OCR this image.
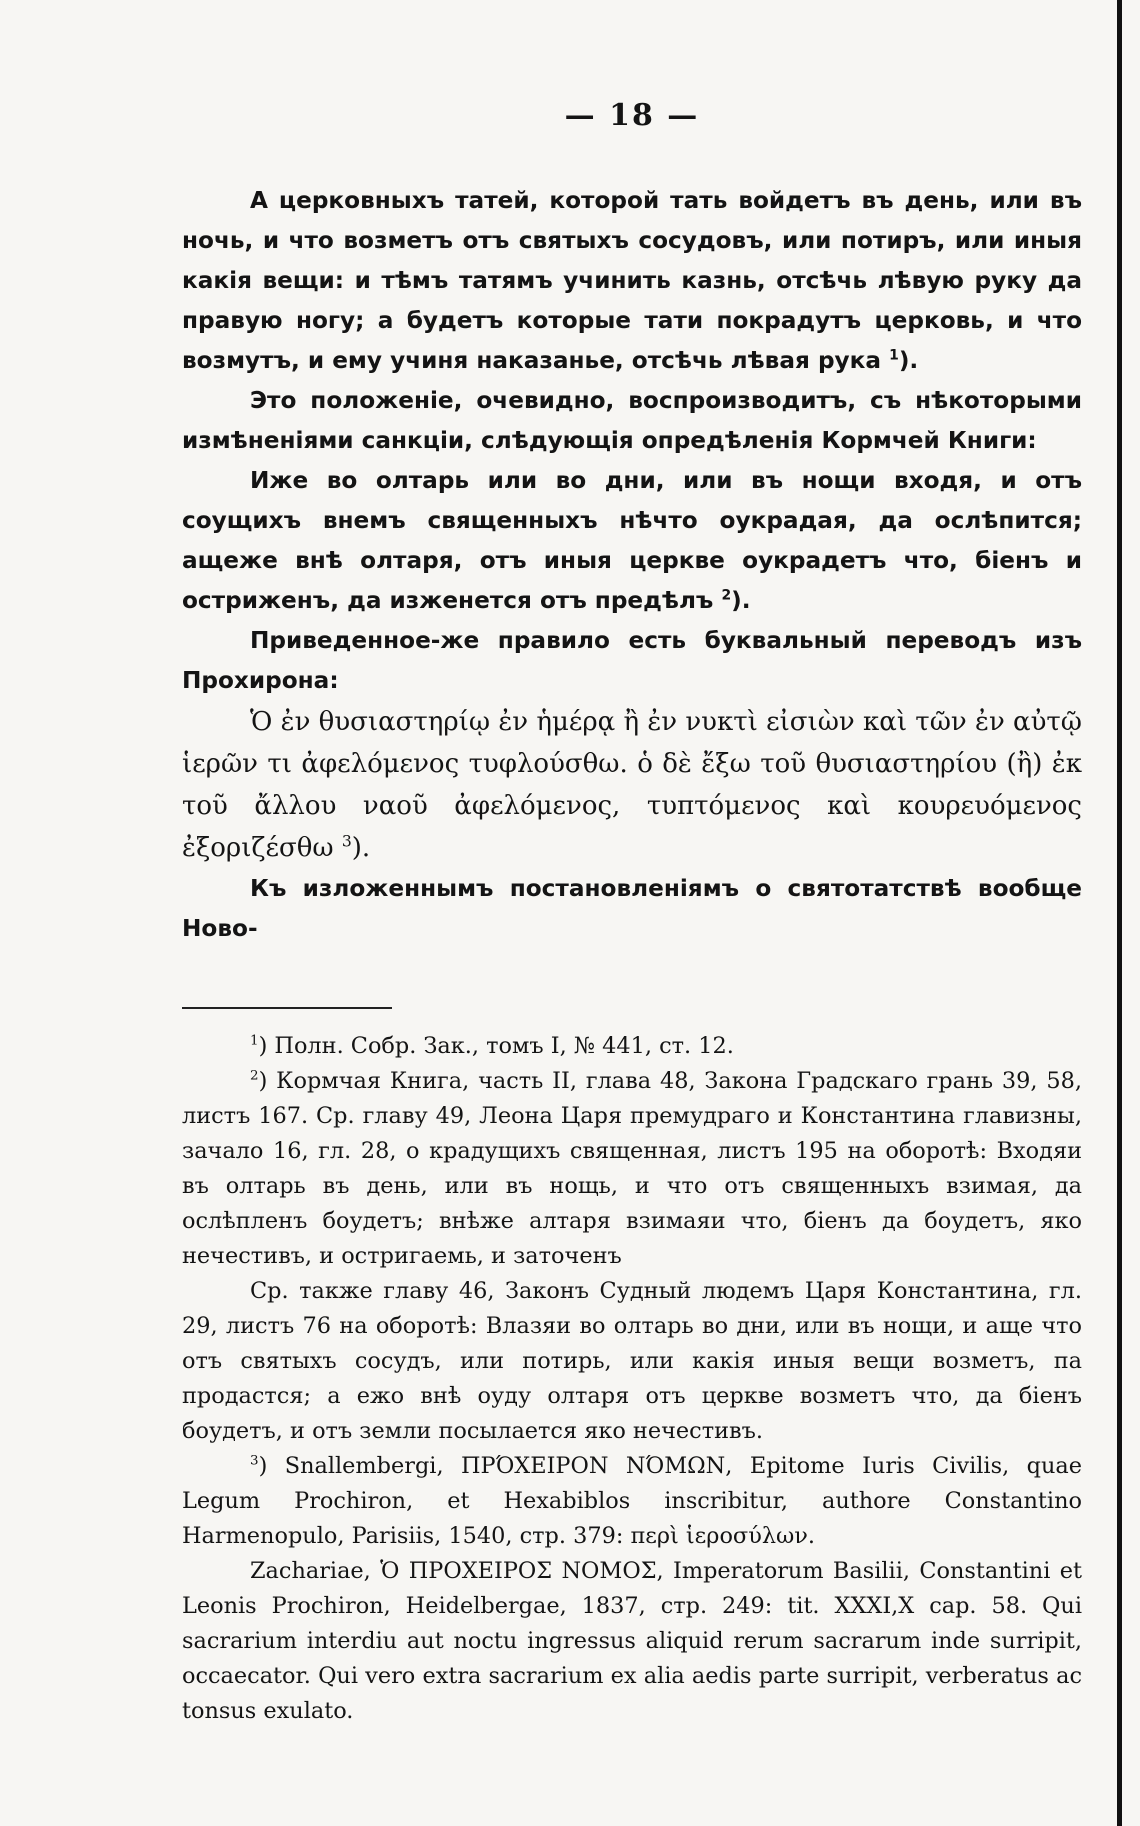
— 18 —

А церковныхъ татей, которой тать войдетъ въ день, или въ ночь, и что возметъ отъ святыхъ сосудовъ, или потиръ, или иныя какія вещи: и тѣмъ татямъ учинить казнь, отсѣчь лѣвую руку да правую ногу; а будетъ которые тати покрадутъ церковь, и что возмутъ, и ему учиня наказанье, отсѣчь лѣвая рука $^1$).

Это положеніе, очевидно, воспроизводитъ, съ нѣкоторыми измѣненіями санкціи, слѣдующія опредѣленія Кормчей Книги:

Иже во олтарь или во дни, или въ нощи входя, и отъ соущихъ внемъ священныхъ нѣчто оукрадая, да ослѣпится; ащеже внѣ олтаря, отъ иныя церкве оукрадетъ что, біенъ и остриженъ, да изженется отъ предѣлъ $^2$).

Приведенное-же правило есть буквальный переводъ изъ Прохирона:

Ὁ ἐν θυσιαστηρίῳ ἐν ἡμέρᾳ ἢ ἐν νυκτὶ εἰσιὼν καὶ τῶν ἐν αὐτῷ ἱερῶν τι ἀφελόμενος τυφλούσθω. ὁ δὲ ἔξω τοῦ θυσιαστηρίου (ἢ) ἐκ τοῦ ἄλλου ναοῦ ἀφελόμενος, τυπτόμενος καὶ κουρευόμενος ἐξοριζέσθω $^3$).

Къ изложеннымъ постановленіямъ о святотатствѣ вообще Ново-

$^1$) Полн. Собр. Зак., томъ I, № 441, ст. 12.

$^2$) Кормчая Книга, часть II, глава 48, Закона Градскаго грань 39, 58, листъ 167. Ср. главу 49, Леона Царя премудраго и Константина главизны, зачало 16, гл. 28, о крадущихъ священная, листъ 195 на оборотѣ: Входяи въ олтарь въ день, или въ нощь, и что отъ священныхъ взимая, да ослѣпленъ боудетъ; внѣже алтаря взимаяи что, біенъ да боудетъ, яко нечестивъ, и остригаемь, и заточенъ

Ср. также главу 46, Законъ Судный людемъ Царя Константина, гл. 29, листъ 76 на оборотѣ: Влазяи во олтарь во дни, или въ нощи, и аще что отъ святыхъ сосудъ, или потирь, или какія иныя вещи возметъ, па продастся; а ежо внѣ оуду олтаря отъ церкве возметъ что, да біенъ боудетъ, и отъ земли посылается яко нечестивъ.

$^3$) Snallembergi, ΠΡΌΧΕΙΡΟΝ ΝΌΜΩΝ, Epitome Iuris Civilis, quae Legum Prochiron, et Hexabiblos inscribitur, authore Constantino Harmenopulo, Parisiis, 1540, стр. 379: περὶ ἱεροσύλων.

Zachariae, Ὁ ΠΡΟΧΕΙΡΟΣ ΝΟΜΟΣ, Imperatorum Basilii, Constantini et Leonis Prochiron, Heidelbergae, 1837, стр. 249: tit. XXXI,X cap. 58. Qui sacrarium interdiu aut noctu ingressus aliquid rerum sacrarum inde surripit, occaecator. Qui vero extra sacrarium ex alia aedis parte surripit, verberatus ac tonsus exulato.
